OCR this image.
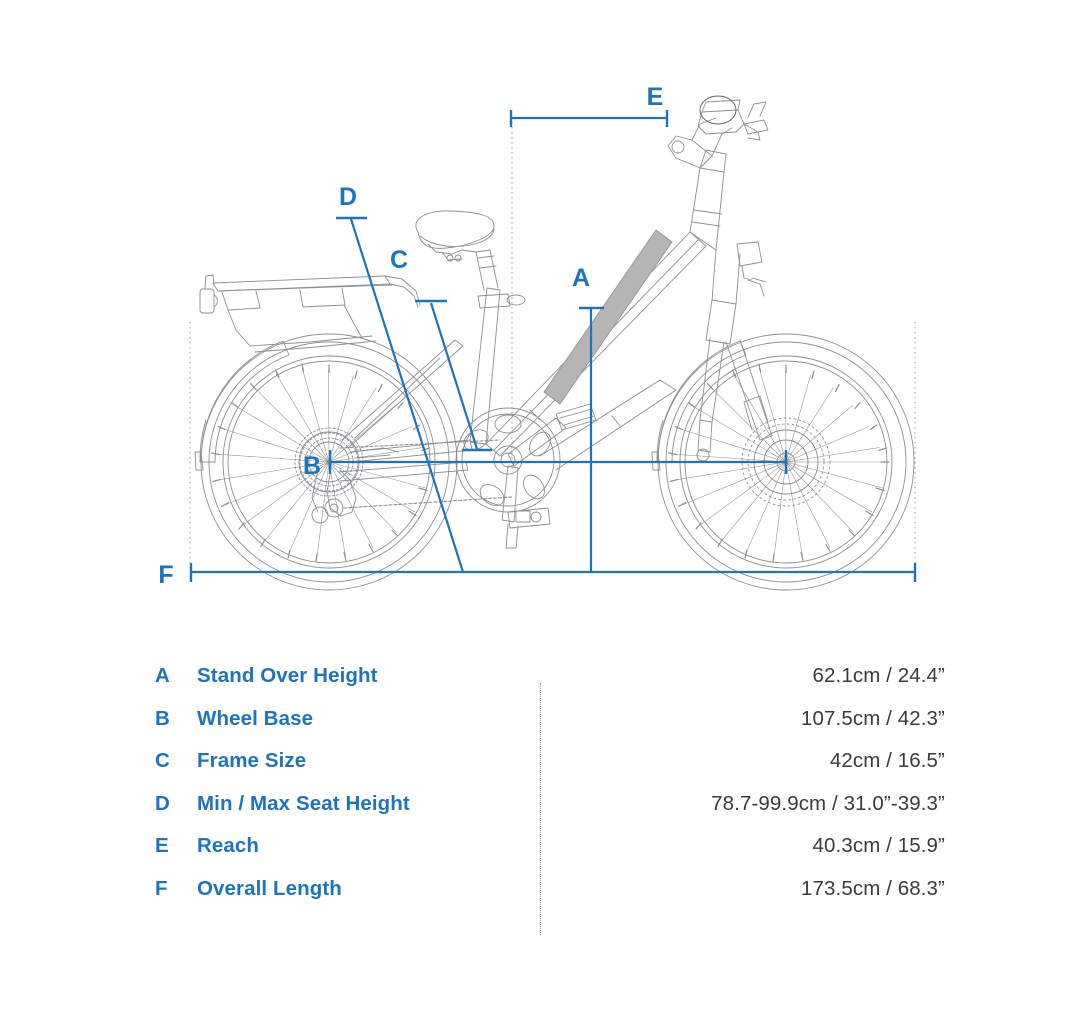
A
B
C
D
E
F
A	Stand Over Height	62.1cm / 24.4”
B	Wheel Base	107.5cm / 42.3”
C	Frame Size	42cm / 16.5”
D	Min / Max Seat Height	78.7-99.9cm / 31.0”-39.3”
E	Reach	40.3cm / 15.9”
F	Overall Length	173.5cm / 68.3”
